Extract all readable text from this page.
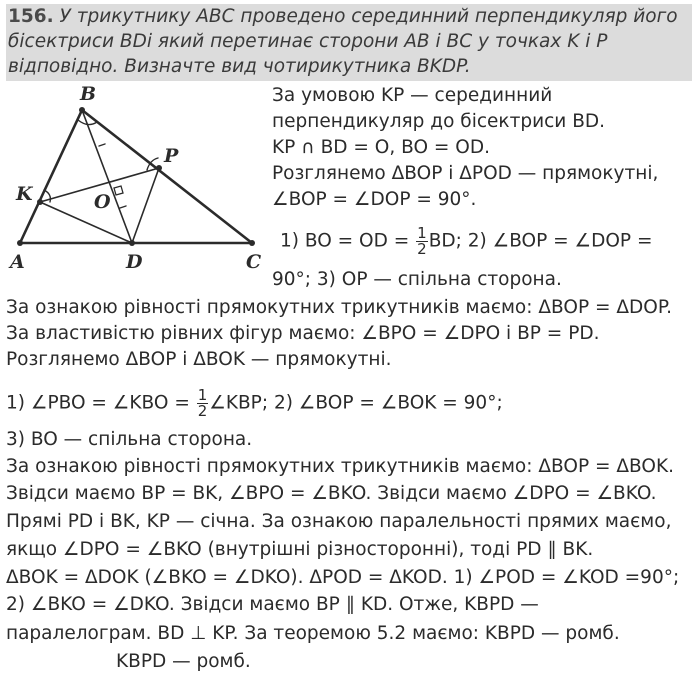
156. У трикутнику ABC проведено серединний перпендикуляр його
бісектриси BDі який перетинає сторони AB і BC у точках K і P
відповідно. Визначте вид чотирикутника BKDP.
B
P
K	O
A	D	C
За умовою KP — серединний
перпендикуляр до бісектриси BD.
KP ∩ BD = O, BO = OD.
Розглянемо ΔBOP і ΔPOD — прямокутні,
∠BOP = ∠DOP = 90°.
1) BO = OD = $\frac{1}{2}$ BD; 2) ∠BOP = ∠DOP =
90°; 3) OP — спільна сторона.
За ознакою рівності прямокутних трикутників маємо: ΔBOP = ΔDOP.
За властивістю рівних фігур маємо: ∠BPO = ∠DPO і BP = PD.
Розглянемо ΔBOP і ΔBOK — прямокутні.
1) ∠PBO = ∠KBO = $\frac{1}{2}$ ∠KBP; 2) ∠BOP = ∠BOK = 90°;
3) BO — спільна сторона.
За ознакою рівності прямокутних трикутників маємо: ΔBOP = ΔBOK.
Звідси маємо BP = BK, ∠BPO = ∠BKO. Звідси маємо ∠DPO = ∠BKO.
Прямі PD і BK, KP — січна. За ознакою паралельності прямих маємо,
якщо ∠DPO = ∠BKO (внутрішні різносторонні), тоді PD ∥ BK.
ΔBOK = ΔDOK (∠BKO = ∠DKO). ΔPOD = ΔKOD. 1) ∠POD = ∠KOD =90°;
2) ∠BKO = ∠DKO. Звідси маємо BP ∥ KD. Отже, KBPD —
паралелограм. BD ⊥ KP. За теоремою 5.2 маємо: KBPD — ромб.
KBPD — ромб.
